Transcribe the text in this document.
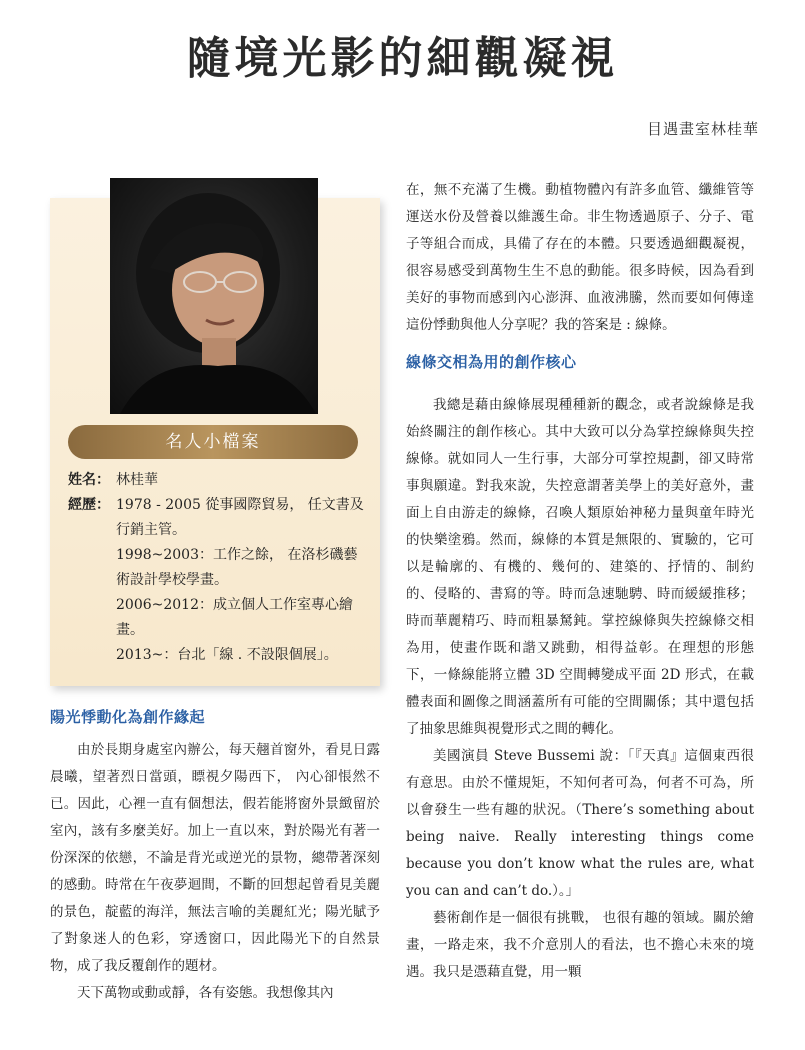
隨境光影的細觀凝視
目遇畫室林桂華
名人小檔案
姓名： 林桂華
經歷： 1978 - 2005 從事國際貿易， 任文書及行銷主管。
1998~2003：工作之餘， 在洛杉磯藝術設計學校學畫。
2006~2012：成立個人工作室專心繪畫。
2013~：台北「線 . 不設限個展」。
陽光悸動化為創作緣起

由於長期身處室內辦公，每天翹首窗外，看見日露晨曦，望著烈日當頭，瞟視夕陽西下， 內心卻悵然不已。因此，心裡一直有個想法，假若能將窗外景緻留於室內，該有多麼美好。加上一直以來，對於陽光有著一份深深的依戀，不論是背光或逆光的景物，總帶著深刻的感動。時常在午夜夢迴間，不斷的回想起曾看見美麗的景色，靛藍的海洋，無法言喻的美麗紅光；陽光賦予了對象迷人的色彩，穿透窗口，因此陽光下的自然景物，成了我反覆創作的題材。

天下萬物或動或靜，各有姿態。我想像其內

在，無不充滿了生機。動植物體內有許多血管、纖維管等運送水份及營養以維護生命。非生物透過原子、分子、電子等組合而成，具備了存在的本體。只要透過細觀凝視，很容易感受到萬物生生不息的動能。很多時候，因為看到美好的事物而感到內心澎湃、血液沸騰，然而要如何傳達這份悸動與他人分享呢？我的答案是 : 線條。

線條交相為用的創作核心

我總是藉由線條展現種種新的觀念，或者說線條是我始終關注的創作核心。其中大致可以分為掌控線條與失控線條。就如同人一生行事，大部分可掌控規劃，卻又時常事與願違。對我來說，失控意謂著美學上的美好意外，畫面上自由游走的線條，召喚人類原始神秘力量與童年時光的快樂塗鴉。然而，線條的本質是無限的、實驗的，它可以是輪廓的、有機的、幾何的、建築的、抒情的、制約的、侵略的、書寫的等。時而急速馳騁、時而緩緩推移；時而華麗精巧、時而粗暴駑鈍。掌控線條與失控線條交相為用，使畫作既和諧又跳動，相得益彰。在理想的形態下，一條線能將立體 3D 空間轉變成平面 2D 形式，在載體表面和圖像之間涵蓋所有可能的空間關係；其中還包括了抽象思維與視覺形式之間的轉化。

美國演員 Steve Bussemi 說：「『天真』這個東西很有意思。由於不懂規矩，不知何者可為，何者不可為，所以會發生一些有趣的狀況。（There’s something about being naive. Really interesting things come because you don’t know what the rules are, what you can and can’t do.）。」

藝術創作是一個很有挑戰， 也很有趣的領域。關於繪畫，一路走來，我不介意別人的看法，也不擔心未來的境遇。我只是憑藉直覺，用一顆
